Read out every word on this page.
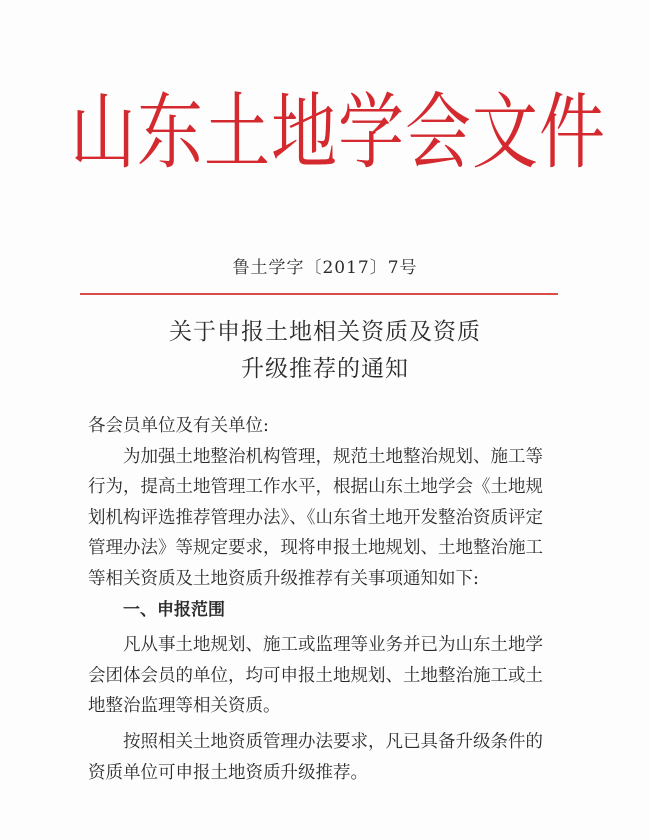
山东土地学会文件
鲁土学字〔2017〕7号
关于申报土地相关资质及资质
升级推荐的通知
各会员单位及有关单位:
为加强土地整治机构管理，规范土地整治规划、施工等
行为，提高土地管理工作水平，根据山东土地学会《土地规
划机构评选推荐管理办法》、《山东省土地开发整治资质评定
管理办法》等规定要求，现将申报土地规划、土地整治施工
等相关资质及土地资质升级推荐有关事项通知如下:
一、申报范围
凡从事土地规划、施工或监理等业务并已为山东土地学
会团体会员的单位，均可申报土地规划、土地整治施工或土
地整治监理等相关资质。
按照相关土地资质管理办法要求，凡已具备升级条件的
资质单位可申报土地资质升级推荐。
